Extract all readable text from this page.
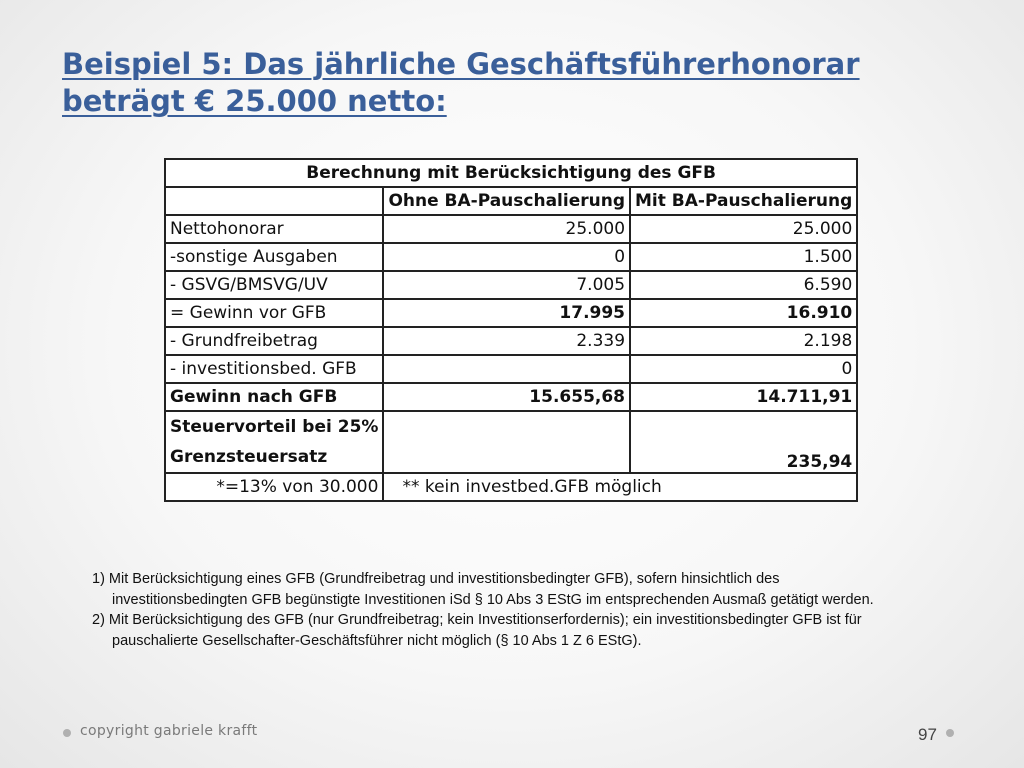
Beispiel 5: Das jährliche Geschäftsführerhonorar
beträgt € 25.000 netto:
Berechnung mit Berücksichtigung des GFB		
	Ohne BA-Pauschalierung	Mit BA-Pauschalierung
Nettohonorar	25.000	25.000
-sonstige Ausgaben	0	1.500
- GSVG/BMSVG/UV	7.005	6.590
= Gewinn vor GFB	17.995	16.910
- Grundfreibetrag	2.339	2.198
- investitionsbed. GFB		0
Gewinn nach GFB	15.655,68	14.711,91

Steuervorteil bei 25%
Grenzsteuersatz		235,94
*=13% von 30.000	** kein investbed.GFB möglich	
1) Mit Berücksichtigung eines GFB (Grundfreibetrag und investitionsbedingter GFB), sofern hinsichtlich des investitionsbedingten GFB begünstigte Investitionen iSd § 10 Abs 3 EStG im entsprechenden Ausmaß getätigt werden.
2) Mit Berücksichtigung des GFB (nur Grundfreibetrag; kein Investitionserfordernis); ein investitionsbedingter GFB ist für pauschalierte Gesellschafter-Geschäftsführer nicht möglich (§ 10 Abs 1 Z 6 EStG).
copyright gabriele krafft	97
